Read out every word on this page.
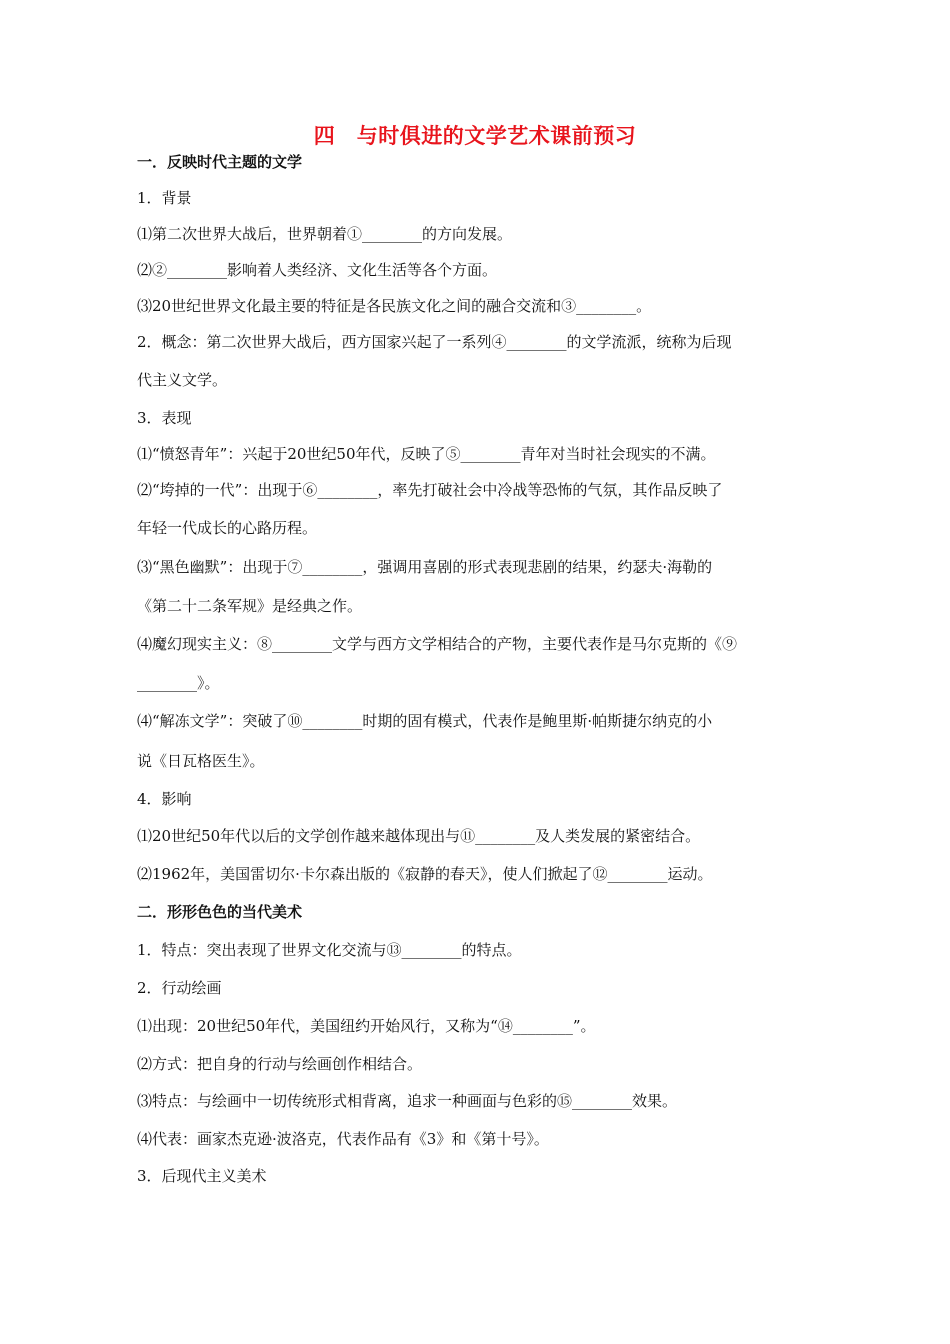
四　与时俱进的文学艺术课前预习
一．反映时代主题的文学
1．背景
⑴第二次世界大战后，世界朝着①________的方向发展。
⑵②________影响着人类经济、文化生活等各个方面。
⑶20世纪世界文化最主要的特征是各民族文化之间的融合交流和③________。
2．概念：第二次世界大战后，西方国家兴起了一系列④________的文学流派，统称为后现
代主义文学。
3．表现
⑴“愤怒青年”：兴起于20世纪50年代，反映了⑤________青年对当时社会现实的不满。
⑵“垮掉的一代”：出现于⑥________，率先打破社会中冷战等恐怖的气氛，其作品反映了
年轻一代成长的心路历程。
⑶“黑色幽默”：出现于⑦________，强调用喜剧的形式表现悲剧的结果，约瑟夫·海勒的
《第二十二条军规》是经典之作。
⑷魔幻现实主义：⑧________文学与西方文学相结合的产物，主要代表作是马尔克斯的《⑨
________》。
⑷“解冻文学”：突破了⑩________时期的固有模式，代表作是鲍里斯·帕斯捷尔纳克的小
说《日瓦格医生》。
4．影响
⑴20世纪50年代以后的文学创作越来越体现出与⑪________及人类发展的紧密结合。
⑵1962年，美国雷切尔·卡尔森出版的《寂静的春天》，使人们掀起了⑫________运动。
二．形形色色的当代美术
1．特点：突出表现了世界文化交流与⑬________的特点。
2．行动绘画
⑴出现：20世纪50年代，美国纽约开始风行，又称为“⑭________”。
⑵方式：把自身的行动与绘画创作相结合。
⑶特点：与绘画中一切传统形式相背离，追求一种画面与色彩的⑮________效果。
⑷代表：画家杰克逊·波洛克，代表作品有《3》和《第十号》。
3．后现代主义美术
